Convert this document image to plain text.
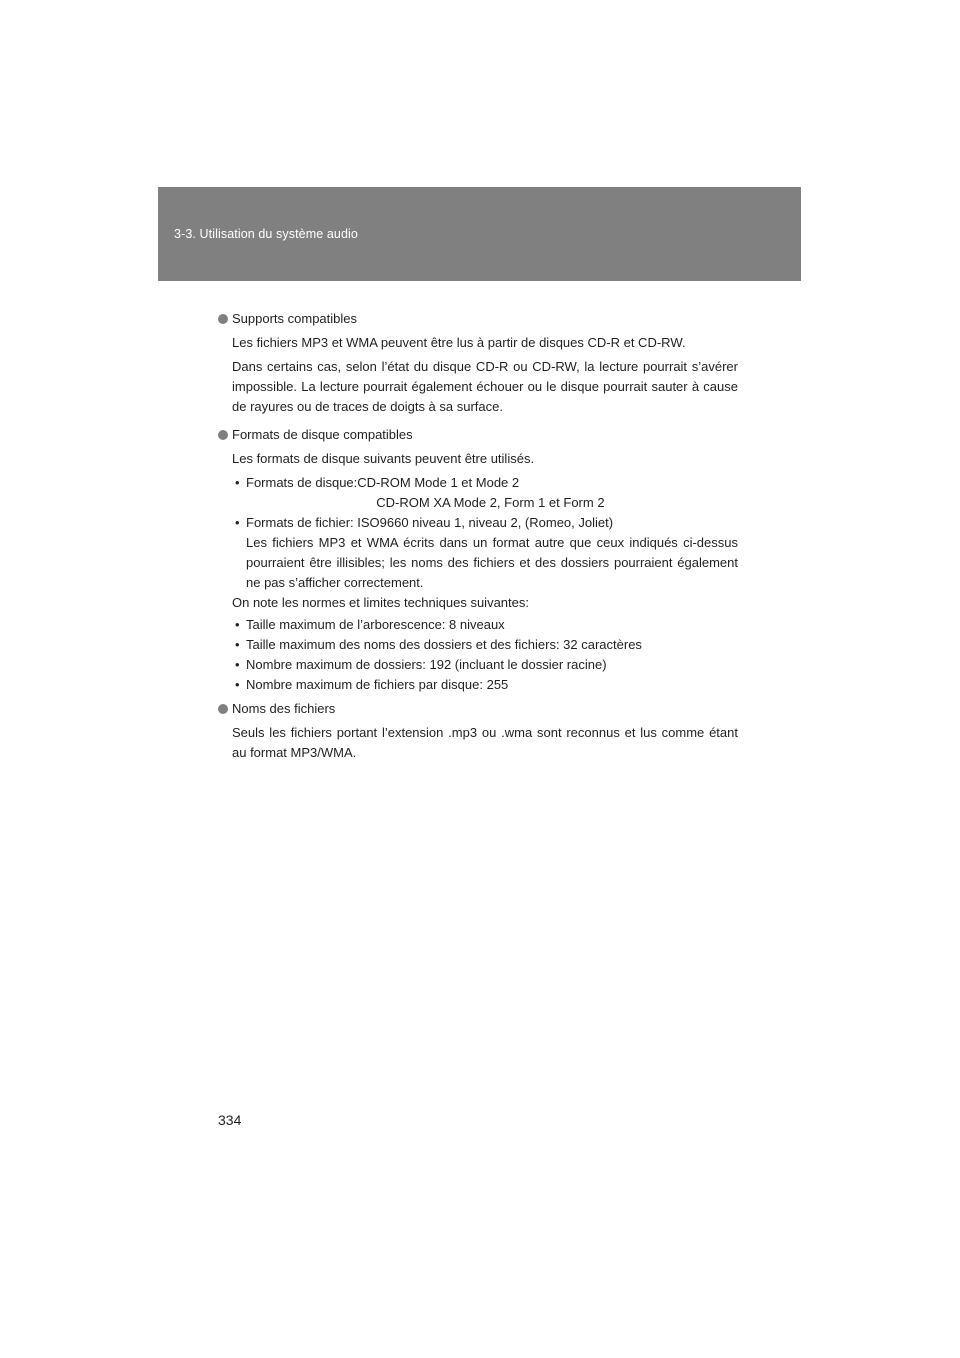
3-3. Utilisation du système audio
Supports compatibles
Les fichiers MP3 et WMA peuvent être lus à partir de disques CD-R et CD-RW.
Dans certains cas, selon l’état du disque CD-R ou CD-RW, la lecture pourrait s’avérer impossible. La lecture pourrait également échouer ou le disque pourrait sauter à cause de rayures ou de traces de doigts à sa surface.
Formats de disque compatibles
Les formats de disque suivants peuvent être utilisés.
• Formats de disque: CD-ROM Mode 1 et Mode 2
CD-ROM XA Mode 2, Form 1 et Form 2
• Formats de fichier: ISO9660 niveau 1, niveau 2, (Romeo, Joliet)
Les fichiers MP3 et WMA écrits dans un format autre que ceux indiqués ci-dessus pourraient être illisibles; les noms des fichiers et des dossiers pourraient également ne pas s’afficher correctement.
On note les normes et limites techniques suivantes:
• Taille maximum de l’arborescence: 8 niveaux
• Taille maximum des noms des dossiers et des fichiers: 32 caractères
• Nombre maximum de dossiers: 192 (incluant le dossier racine)
• Nombre maximum de fichiers par disque: 255
Noms des fichiers
Seuls les fichiers portant l’extension .mp3 ou .wma sont reconnus et lus comme étant au format MP3/WMA.
334
